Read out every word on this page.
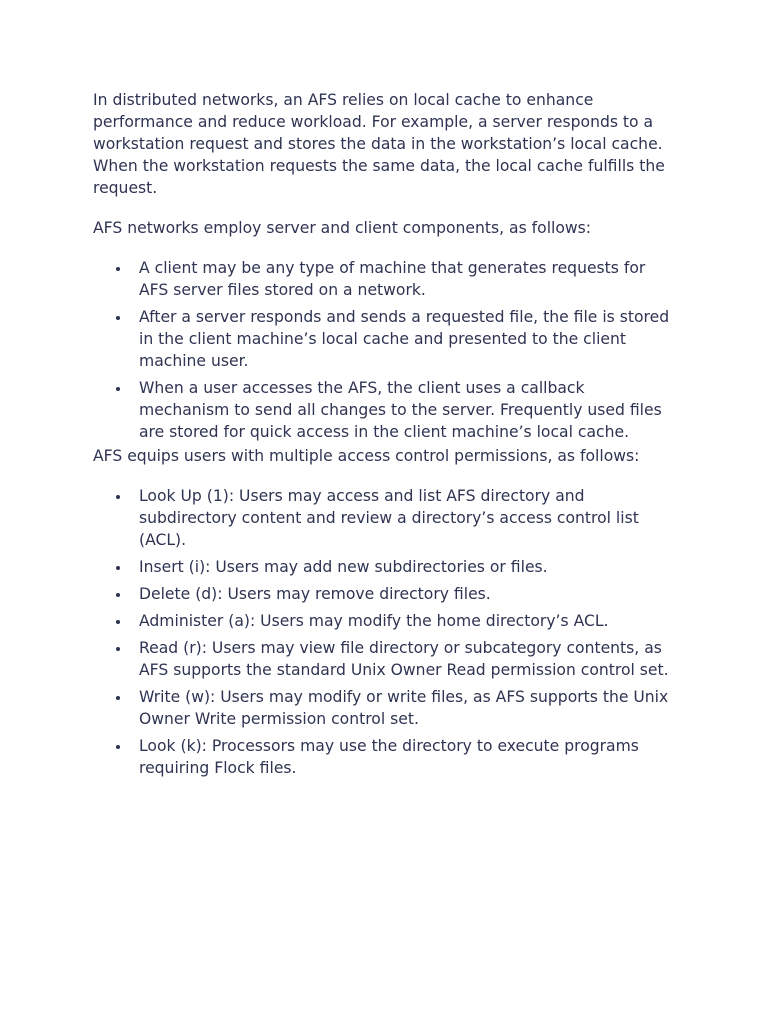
In distributed networks, an AFS relies on local cache to enhance performance and reduce workload. For example, a server responds to a workstation request and stores the data in the workstation’s local cache. When the workstation requests the same data, the local cache fulfills the request.

AFS networks employ server and client components, as follows:

A client may be any type of machine that generates requests for AFS server files stored on a network.
After a server responds and sends a requested file, the file is stored in the client machine’s local cache and presented to the client machine user.
When a user accesses the AFS, the client uses a callback mechanism to send all changes to the server. Frequently used files are stored for quick access in the client machine’s local cache.

AFS equips users with multiple access control permissions, as follows:

Look Up (1): Users may access and list AFS directory and subdirectory content and review a directory’s access control list (ACL).
Insert (i): Users may add new subdirectories or files.
Delete (d): Users may remove directory files.
Administer (a): Users may modify the home directory’s ACL.
Read (r): Users may view file directory or subcategory contents, as AFS supports the standard Unix Owner Read permission control set.
Write (w): Users may modify or write files, as AFS supports the Unix Owner Write permission control set.
Look (k): Processors may use the directory to execute programs requiring Flock files.
